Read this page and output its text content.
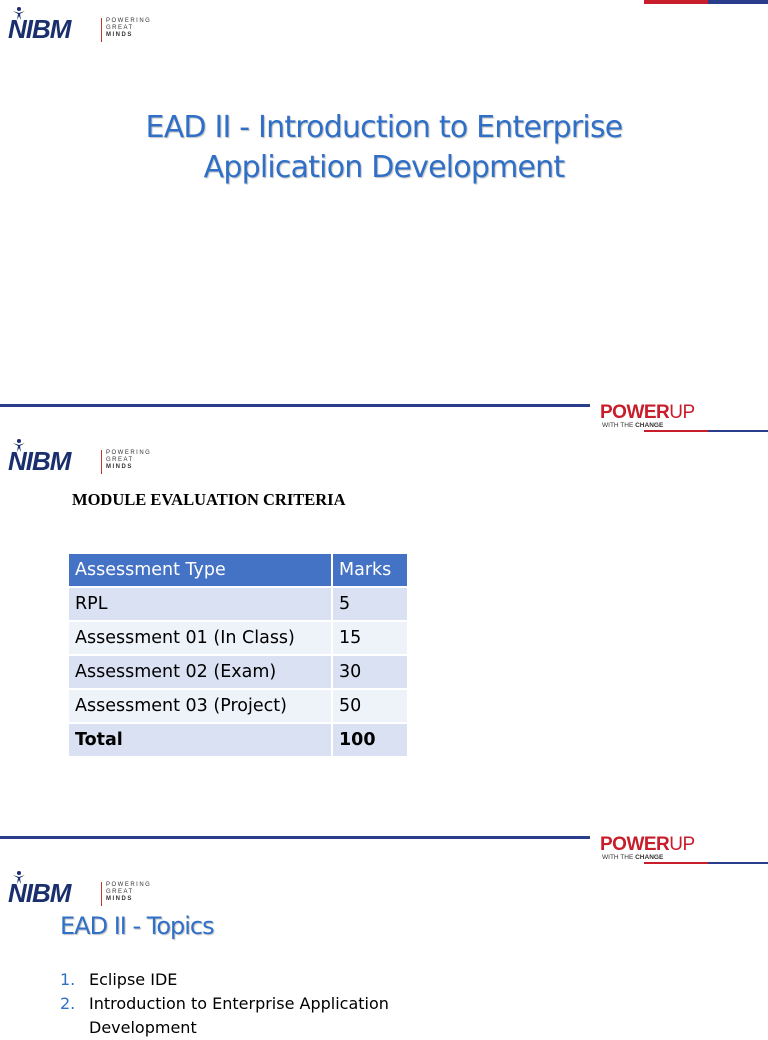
NIBM	POWERING
GREAT
MINDS
EAD II - Introduction to Enterprise
Application Development
POWERUP
WITH THE CHANGE
NIBM	POWERING
GREAT
MINDS
MODULE EVALUATION CRITERIA
Assessment Type	Marks
RPL	5
Assessment 01 (In Class)	15
Assessment 02 (Exam)	30
Assessment 03 (Project)	50
Total	100
POWERUP
WITH THE CHANGE
NIBM	POWERING
GREAT
MINDS
EAD II - Topics
1. Eclipse IDE
2. Introduction to Enterprise Application Development
